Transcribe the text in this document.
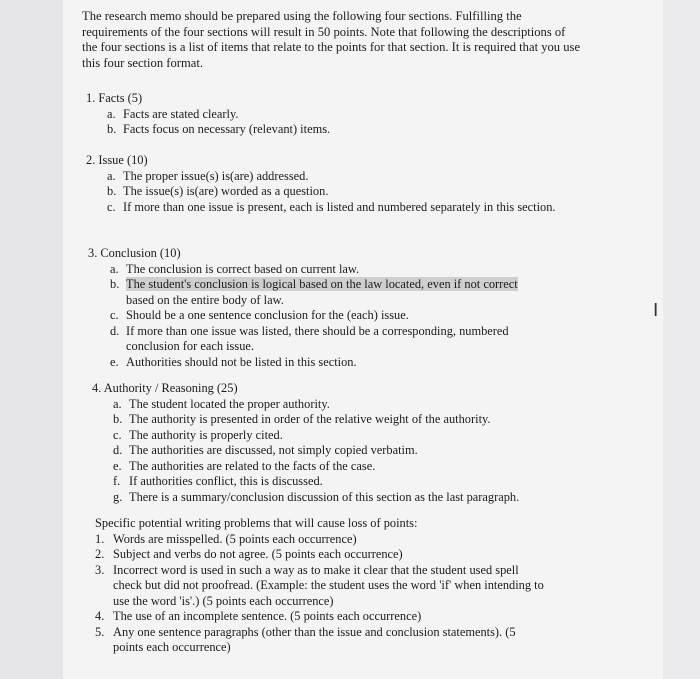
The research memo should be prepared using the following four sections. Fulfilling the requirements of the four sections will result in 50 points. Note that following the descriptions of the four sections is a list of items that relate to the points for that section. It is required that you use this four section format.
1. Facts (5)
a. Facts are stated clearly.
b. Facts focus on necessary (relevant) items.
2. Issue (10)
a. The proper issue(s) is(are) addressed.
b. The issue(s) is(are) worded as a question.
c. If more than one issue is present, each is listed and numbered separately in this section.
3. Conclusion (10)
a. The conclusion is correct based on current law.
b. The student's conclusion is logical based on the law located, even if not correct
based on the entire body of law.
c. Should be a one sentence conclusion for the (each) issue.
d. If more than one issue was listed, there should be a corresponding, numbered conclusion for each issue.
e. Authorities should not be listed in this section.
4. Authority / Reasoning (25)
a. The student located the proper authority.
b. The authority is presented in order of the relative weight of the authority.
c. The authority is properly cited.
d. The authorities are discussed, not simply copied verbatim.
e. The authorities are related to the facts of the case.
f. If authorities conflict, this is discussed.
g. There is a summary/conclusion discussion of this section as the last paragraph.
Specific potential writing problems that will cause loss of points:
1. Words are misspelled. (5 points each occurrence)
2. Subject and verbs do not agree. (5 points each occurrence)
3. Incorrect word is used in such a way as to make it clear that the student used spell check but did not proofread. (Example: the student uses the word 'if' when intending to use the word 'is'.) (5 points each occurrence)
4. The use of an incomplete sentence. (5 points each occurrence)
5. Any one sentence paragraphs (other than the issue and conclusion statements). (5 points each occurrence)
I
